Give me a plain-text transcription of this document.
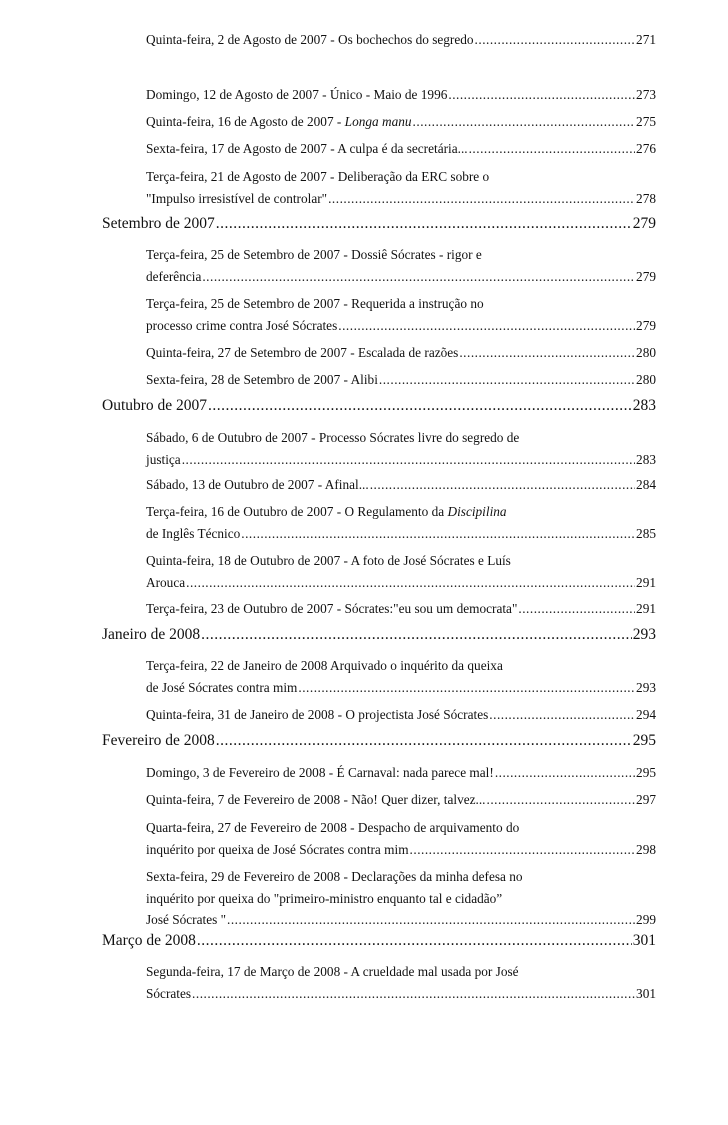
Quinta-feira, 2 de Agosto de 2007 - Os bochechos do segredo .....	271
Domingo, 12 de Agosto de 2007 - Único - Maio de 1996 .....	273
Quinta-feira, 16 de Agosto de 2007 - Longa manu .....	275
Sexta-feira, 17 de Agosto de 2007 - A culpa é da secretária... .....	276
Terça-feira, 21 de Agosto de 2007 - Deliberação da ERC sobre o
"Impulso irresistível de controlar" .....	278
Setembro de 2007 .....	279
Terça-feira, 25 de Setembro de 2007 - Dossiê Sócrates - rigor e
deferência .....	279
Terça-feira, 25 de Setembro de 2007 - Requerida a instrução no
processo crime contra José Sócrates .....	279
Quinta-feira, 27 de Setembro de 2007 - Escalada de razões .....	280
Sexta-feira, 28 de Setembro de 2007 - Alibi .....	280
Outubro de 2007 .....	283
Sábado, 6 de Outubro de 2007 - Processo Sócrates livre do segredo de
justiça .....	283
Sábado, 13 de Outubro de 2007 - Afinal... .....	284
Terça-feira, 16 de Outubro de 2007 - O Regulamento da Discipilina
de Inglês Técnico .....	285
Quinta-feira, 18 de Outubro de 2007 - A foto de José Sócrates e Luís
Arouca .....	291
Terça-feira, 23 de Outubro de 2007 - Sócrates:"eu sou um democrata" .....	291
Janeiro de 2008 .....	293
Terça-feira, 22 de Janeiro de 2008 Arquivado o inquérito da queixa
de José Sócrates contra mim .....	293
Quinta-feira, 31 de Janeiro de 2008 - O projectista José Sócrates .....	294
Fevereiro de 2008 .....	295
Domingo, 3 de Fevereiro de 2008 - É Carnaval: nada parece mal! .....	295
Quinta-feira, 7 de Fevereiro de 2008 - Não! Quer dizer, talvez... .....	297
Quarta-feira, 27 de Fevereiro de 2008 - Despacho de arquivamento do
inquérito por queixa de José Sócrates contra mim .....	298
Sexta-feira, 29 de Fevereiro de 2008 - Declarações da minha defesa no
inquérito por queixa do "primeiro-ministro enquanto tal e cidadão”
José Sócrates " .....	299
Março de 2008 .....	301
Segunda-feira, 17 de Março de 2008 - A crueldade mal usada por José
Sócrates .....	301
